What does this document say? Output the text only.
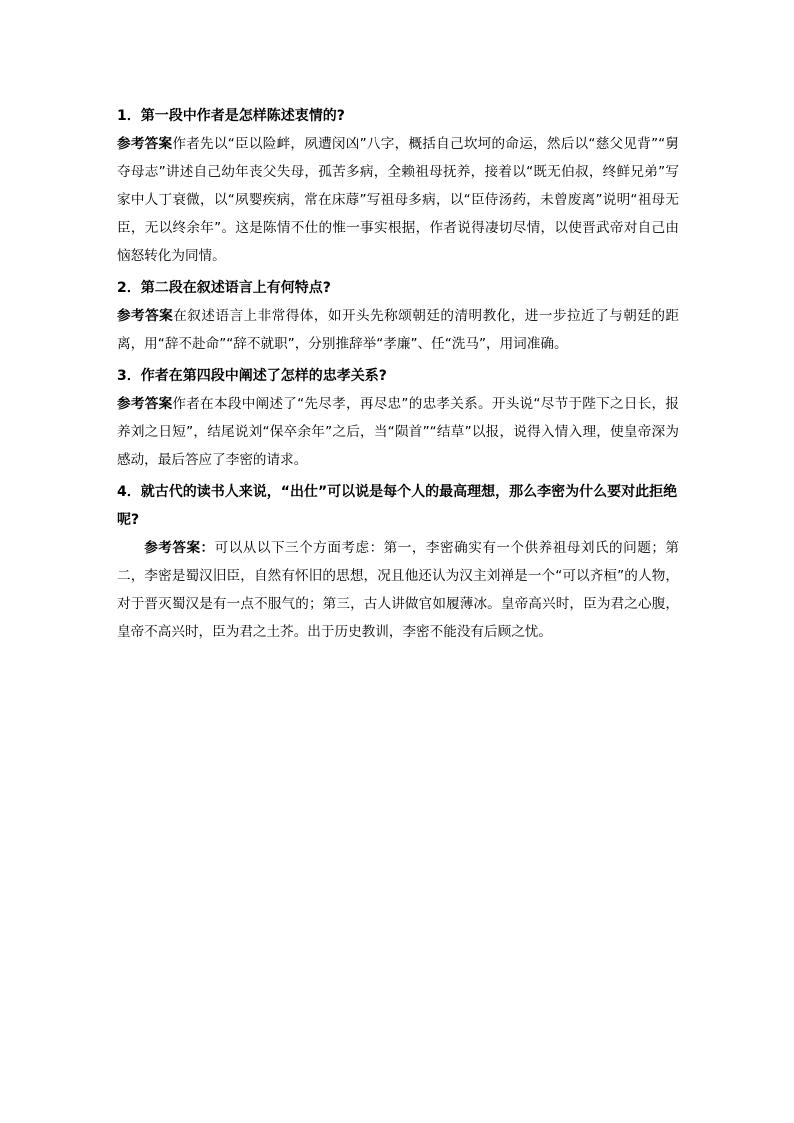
1．第一段中作者是怎样陈述衷情的?

参考答案作者先以“臣以险衅，夙遭闵凶”八字，概括自己坎坷的命运，然后以“慈父见背”“舅夺母志”讲述自己幼年丧父失母，孤苦多病，全赖祖母抚养，接着以“既无伯叔，终鲜兄弟”写家中人丁衰微，以“夙婴疾病，常在床蓐”写祖母多病，以“臣侍汤药，未曾废离”说明“祖母无臣，无以终余年”。这是陈情不仕的惟一事实根据，作者说得凄切尽情，以使晋武帝对自己由恼怒转化为同情。

2．第二段在叙述语言上有何特点?

参考答案在叙述语言上非常得体，如开头先称颂朝廷的清明教化，进一步拉近了与朝廷的距离，用“辞不赴命”“辞不就职”，分别推辞举“孝廉”、任“洗马”，用词准确。

3．作者在第四段中阐述了怎样的忠孝关系?

参考答案作者在本段中阐述了“先尽孝，再尽忠”的忠孝关系。开头说“尽节于陛下之日长，报养刘之日短”，结尾说刘“保卒余年”之后，当“陨首”“结草”以报，说得入情入理，使皇帝深为感动，最后答应了李密的请求。

4．就古代的读书人来说，“出仕”可以说是每个人的最高理想，那么李密为什么要对此拒绝呢?

参考答案：可以从以下三个方面考虑：第一，李密确实有一个供养祖母刘氏的问题；第二，李密是蜀汉旧臣，自然有怀旧的思想，况且他还认为汉主刘禅是一个“可以齐桓”的人物，对于晋灭蜀汉是有一点不服气的；第三，古人讲做官如履薄冰。皇帝高兴时，臣为君之心腹，皇帝不高兴时，臣为君之土芥。出于历史教训，李密不能没有后顾之忧。
